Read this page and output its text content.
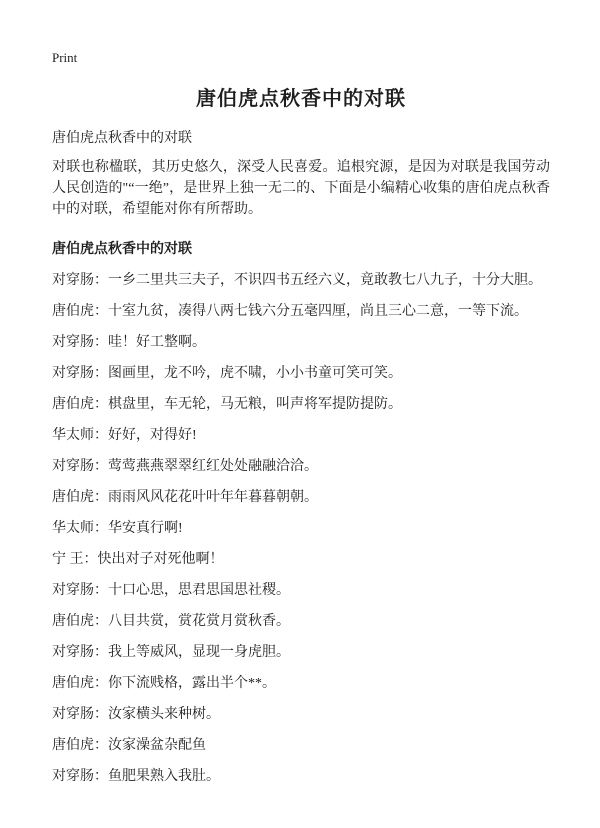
Print
唐伯虎点秋香中的对联

唐伯虎点秋香中的对联

对联也称楹联，其历史悠久，深受人民喜爱。追根究源，是因为对联是我国劳动人民创造的"“一绝”，是世界上独一无二的、下面是小编精心收集的唐伯虎点秋香中的对联，希望能对你有所帮助。

唐伯虎点秋香中的对联

对穿肠：一乡二里共三夫子，不识四书五经六义，竟敢教七八九子，十分大胆。

唐伯虎：十室九贫，凑得八两七钱六分五毫四厘，尚且三心二意，一等下流。

对穿肠：哇！好工整啊。

对穿肠：图画里，龙不吟，虎不啸，小小书童可笑可笑。

唐伯虎：棋盘里，车无轮，马无粮，叫声将军提防提防。

华太师：好好，对得好!

对穿肠：莺莺燕燕翠翠红红处处融融洽洽。

唐伯虎：雨雨风风花花叶叶年年暮暮朝朝。

华太师：华安真行啊!

宁 王：快出对子对死他啊！

对穿肠：十口心思，思君思国思社稷。

唐伯虎：八目共赏，赏花赏月赏秋香。

对穿肠：我上等威风，显现一身虎胆。

唐伯虎：你下流贱格，露出半个**。

对穿肠：汝家横头来种树。

唐伯虎：汝家澡盆杂配鱼

对穿肠：鱼肥果熟入我肚。
